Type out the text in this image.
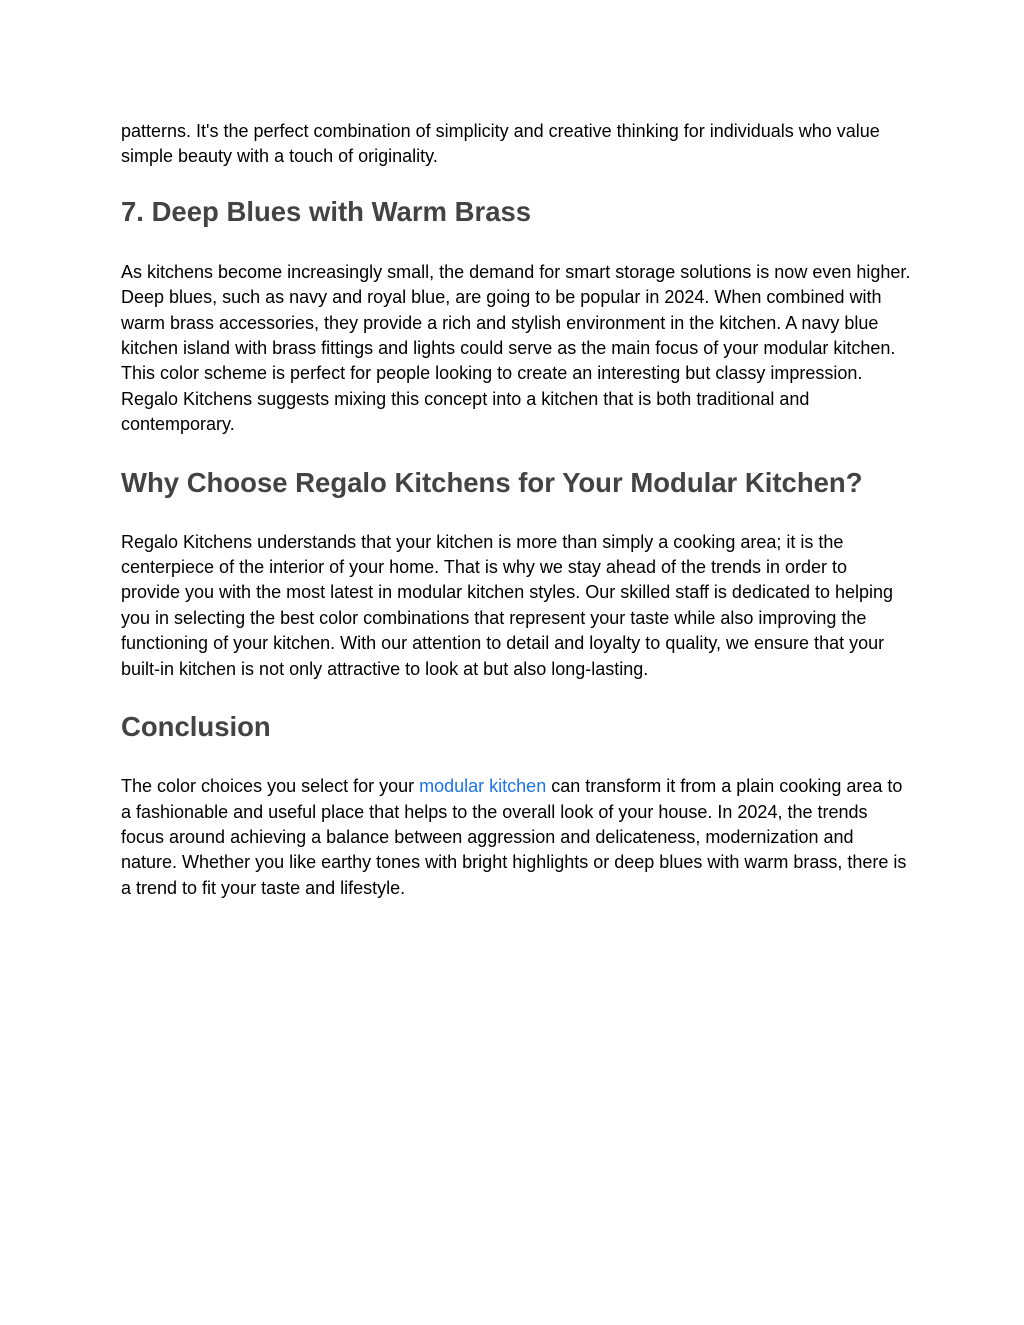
patterns. It's the perfect combination of simplicity and creative thinking for individuals who value simple beauty with a touch of originality.

7. Deep Blues with Warm Brass

As kitchens become increasingly small, the demand for smart storage solutions is now even higher. Deep blues, such as navy and royal blue, are going to be popular in 2024. When combined with warm brass accessories, they provide a rich and stylish environment in the kitchen. A navy blue kitchen island with brass fittings and lights could serve as the main focus of your modular kitchen. This color scheme is perfect for people looking to create an interesting but classy impression. Regalo Kitchens suggests mixing this concept into a kitchen that is both traditional and contemporary.

Why Choose Regalo Kitchens for Your Modular Kitchen?

Regalo Kitchens understands that your kitchen is more than simply a cooking area; it is the centerpiece of the interior of your home. That is why we stay ahead of the trends in order to provide you with the most latest in modular kitchen styles. Our skilled staff is dedicated to helping you in selecting the best color combinations that represent your taste while also improving the functioning of your kitchen. With our attention to detail and loyalty to quality, we ensure that your built-in kitchen is not only attractive to look at but also long-lasting.

Conclusion

The color choices you select for your modular kitchen can transform it from a plain cooking area to a fashionable and useful place that helps to the overall look of your house. In 2024, the trends focus around achieving a balance between aggression and delicateness, modernization and nature. Whether you like earthy tones with bright highlights or deep blues with warm brass, there is a trend to fit your taste and lifestyle.
